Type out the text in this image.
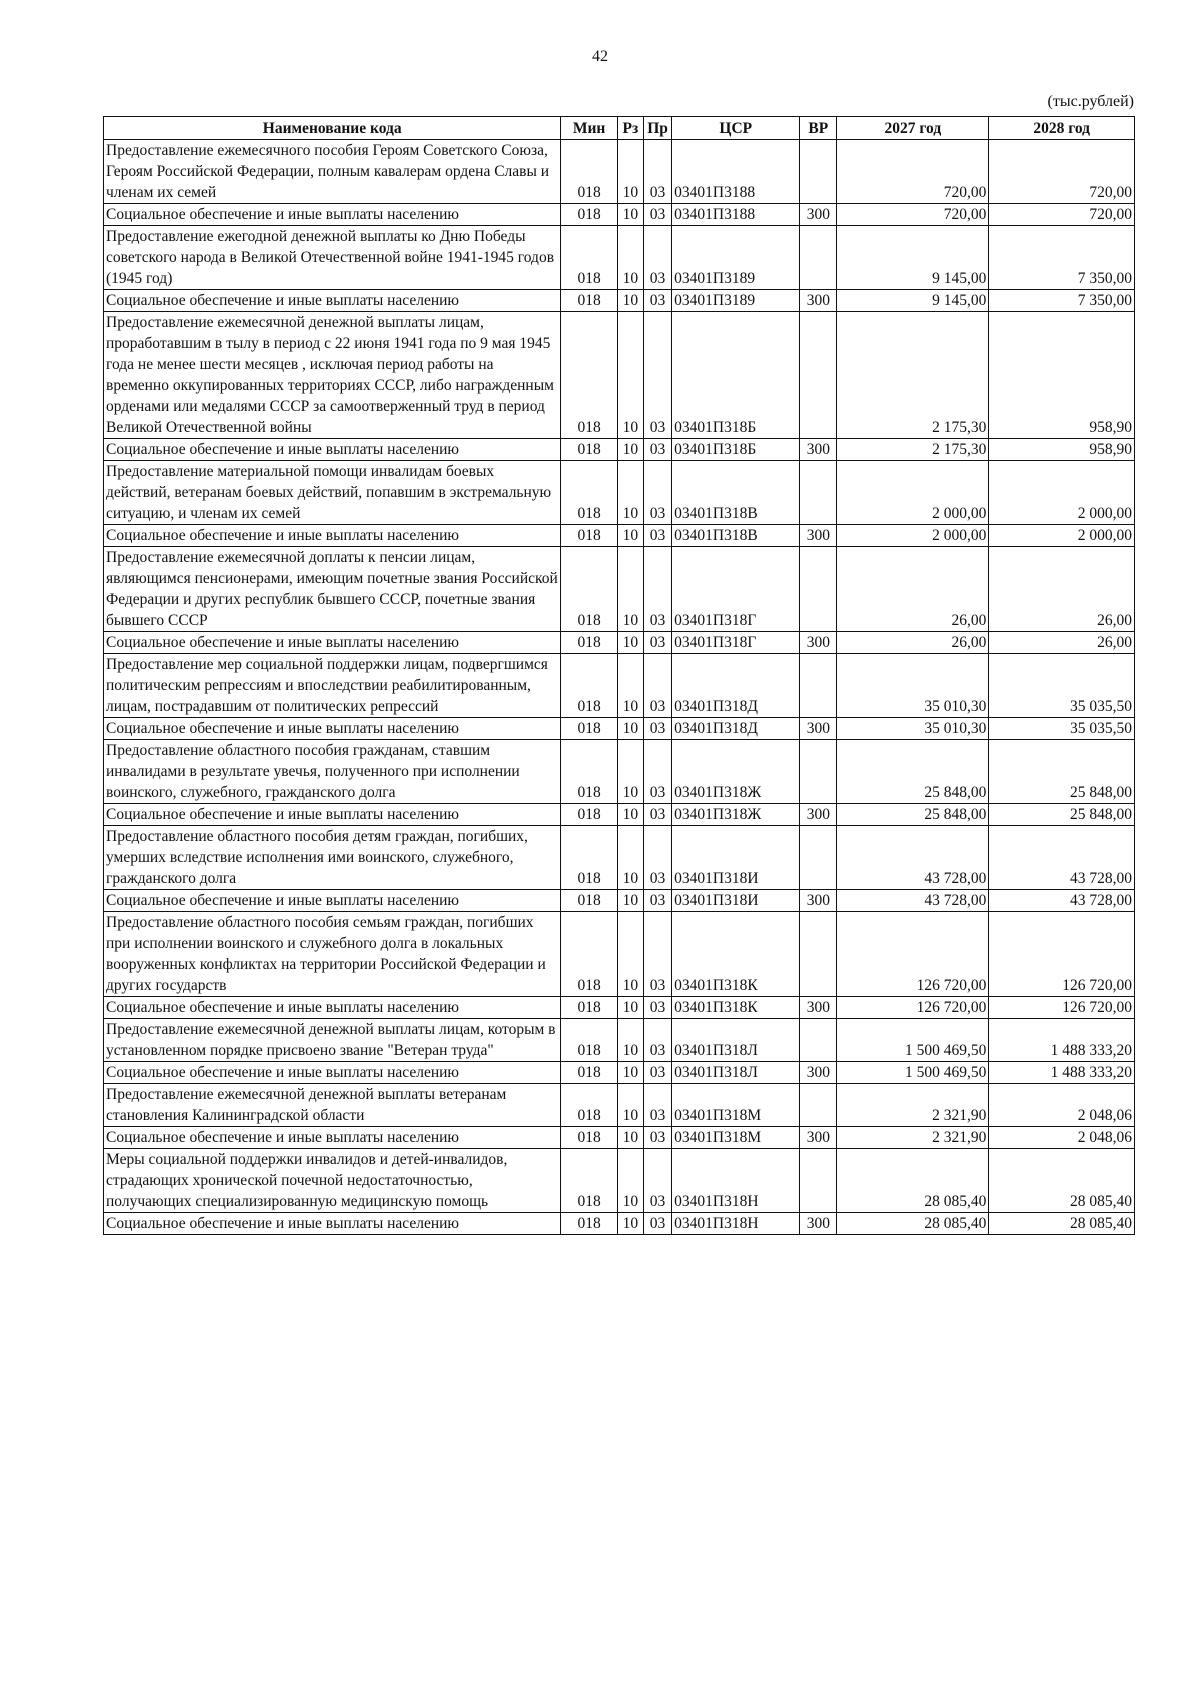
42
(тыс.рублей)
Наименование кода	Мин	Рз	Пр	ЦСР	ВР	2027 год	2028 год
Предоставление ежемесячного пособия Героям Советского Союза, Героям Российской Федерации, полным кавалерам ордена Славы и членам их семей	018	10	03	03401П3188		720,00	720,00
Социальное обеспечение и иные выплаты населению	018	10	03	03401П3188	300	720,00	720,00
Предоставление ежегодной денежной выплаты ко Дню Победы советского народа в Великой Отечественной войне 1941-1945 годов (1945 год)	018	10	03	03401П3189		9 145,00	7 350,00
Социальное обеспечение и иные выплаты населению	018	10	03	03401П3189	300	9 145,00	7 350,00
Предоставление ежемесячной денежной выплаты лицам, проработавшим в тылу в период с 22 июня 1941 года по 9 мая 1945 года не менее шести месяцев , исключая период работы на временно оккупированных территориях СССР, либо награжденным орденами или медалями СССР за самоотверженный труд в период Великой Отечественной войны	018	10	03	03401П318Б		2 175,30	958,90
Социальное обеспечение и иные выплаты населению	018	10	03	03401П318Б	300	2 175,30	958,90
Предоставление материальной помощи инвалидам боевых действий, ветеранам боевых действий, попавшим в экстремальную ситуацию, и членам их семей	018	10	03	03401П318В		2 000,00	2 000,00
Социальное обеспечение и иные выплаты населению	018	10	03	03401П318В	300	2 000,00	2 000,00
Предоставление ежемесячной доплаты к пенсии лицам, являющимся пенсионерами, имеющим почетные звания Российской Федерации и других республик бывшего СССР, почетные звания бывшего СССР	018	10	03	03401П318Г		26,00	26,00
Социальное обеспечение и иные выплаты населению	018	10	03	03401П318Г	300	26,00	26,00
Предоставление мер социальной поддержки лицам, подвергшимся политическим репрессиям и впоследствии реабилитированным, лицам, пострадавшим от политических репрессий	018	10	03	03401П318Д		35 010,30	35 035,50
Социальное обеспечение и иные выплаты населению	018	10	03	03401П318Д	300	35 010,30	35 035,50
Предоставление областного пособия гражданам, ставшим инвалидами в результате увечья, полученного при исполнении воинского, служебного, гражданского долга	018	10	03	03401П318Ж		25 848,00	25 848,00
Социальное обеспечение и иные выплаты населению	018	10	03	03401П318Ж	300	25 848,00	25 848,00
Предоставление областного пособия детям граждан, погибших, умерших вследствие исполнения ими воинского, служебного, гражданского долга	018	10	03	03401П318И		43 728,00	43 728,00
Социальное обеспечение и иные выплаты населению	018	10	03	03401П318И	300	43 728,00	43 728,00
Предоставление областного пособия семьям граждан, погибших при исполнении воинского и служебного долга в локальных вооруженных конфликтах на территории Российской Федерации и других государств	018	10	03	03401П318К		126 720,00	126 720,00
Социальное обеспечение и иные выплаты населению	018	10	03	03401П318К	300	126 720,00	126 720,00
Предоставление ежемесячной денежной выплаты лицам, которым в установленном порядке присвоено звание "Ветеран труда"	018	10	03	03401П318Л		1 500 469,50	1 488 333,20
Социальное обеспечение и иные выплаты населению	018	10	03	03401П318Л	300	1 500 469,50	1 488 333,20
Предоставление ежемесячной денежной выплаты ветеранам становления Калининградской области	018	10	03	03401П318М		2 321,90	2 048,06
Социальное обеспечение и иные выплаты населению	018	10	03	03401П318М	300	2 321,90	2 048,06
Меры социальной поддержки инвалидов и детей-инвалидов, страдающих хронической почечной недостаточностью, получающих специализированную медицинскую помощь	018	10	03	03401П318Н		28 085,40	28 085,40
Социальное обеспечение и иные выплаты населению	018	10	03	03401П318Н	300	28 085,40	28 085,40
